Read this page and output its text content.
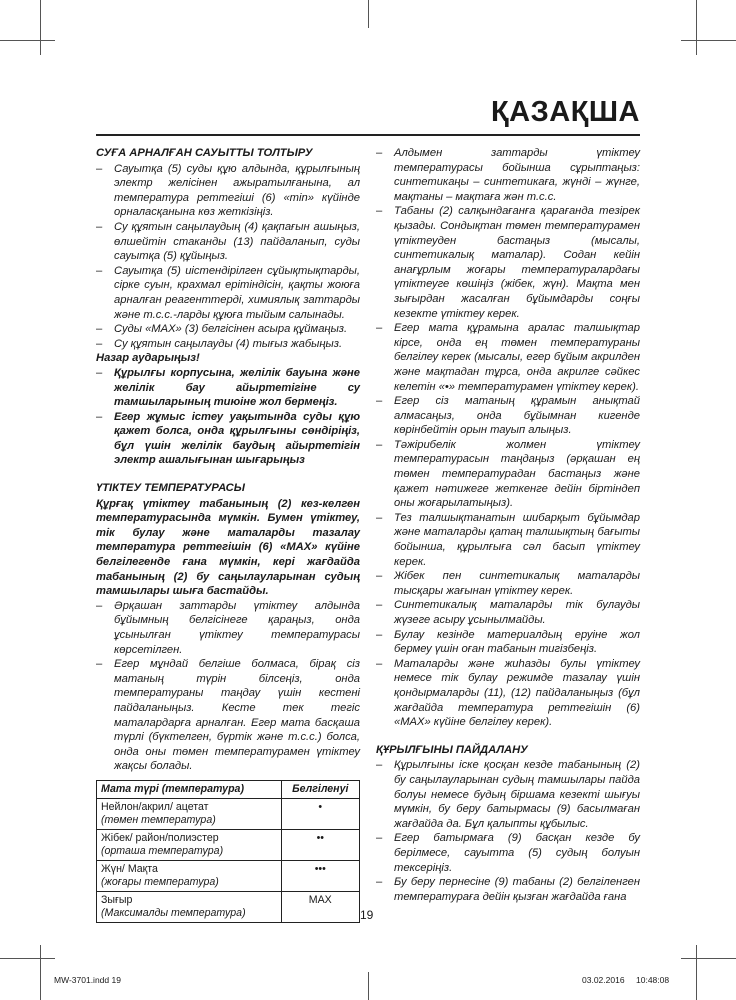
ҚАЗАҚША
СУҒА АРНАЛҒАН САУЫТТЫ ТОЛТЫРУ
– Сауытқа (5) суды құю алдында, құрылғының электр желісінен ажыратылғанына, ал температура реттегіші (6) «min» күйінде орналасқанына көз жеткізіңіз.
– Су құятын саңылаудың (4) қақпағын ашыңыз, өлшейтін стаканды (13) пайдаланып, суды сауытқа (5) құйыңыз.
– Сауытқа (5) иістендірілген сұйықтықтарды, сірке суын, крахмал ерітіндісін, қақты жоюға арналған реагенттерді, химиялық заттарды және т.с.с.-ларды құюға тыйым салынады.
– Суды «MAX» (3) белгісінен асыра құймаңыз.
– Су құятын саңылауды (4) тығыз жабыңыз.
Назар аударыңыз!
– Құрылғы корпусына, желілік бауына және желілік бау айыртетігіне су тамшыларының тиюіне жол бермеңіз.
– Егер жұмыс істеу уақытында суды құю қажет болса, онда құрылғыны сөндіріңіз, бұл үшін желілік баудың айыртетігін электр ашалығынан шығарыңыз
ҮТІКТЕУ ТЕМПЕРАТУРАСЫ
Құрғақ үтіктеу табанының (2) кез-келген температурасында мүмкін. Бумен үтіктеу, тік булау және маталарды тазалау температура реттегішін (6) «MAX» күйіне белгілегенде ғана мүмкін, кері жағдайда табанының (2) бу саңылауларынан судың тамшылары шыға бастайды.
– Әрқашан заттарды үтіктеу алдында бұйымның белгісінеге қараңыз, онда ұсынылған үтіктеу температурасы көрсетілген.
– Егер мұндай белгіше болмаса, бірақ сіз матаның түрін білсеңіз, онда температураны таңдау үшін кестені пайдаланыңыз. Кесте тек тегіс маталардарға арналған. Егер мата басқаша түрлі (бүктелген, бүртік және т.с.с.) болса, онда оны төмен температурамен үтіктеу жақсы болады.
Мата түрі (температура)	Белгіленуі
Нейлон/акрил/ ацетат
(төмен температура)	•
Жібек/ район/полиэстер
(орташа температура)	••
Жүн/ Мақта
(жоғары температура)	•••
Зығыр
(Максималды температура)	MAX
– Алдымен заттарды үтіктеу температурасы бойынша сұрыптаңыз: синтетикаңы – синтетикаға, жүнді – жүнге, мақтаны – мақтаға жəн т.с.с.
– Табаны (2) салқындағанға қарағанда тезірек қызады. Сондықтан төмен температурамен үтіктеуден бастаңыз (мысалы, синтетикалық маталар). Содан кейін анағұрлым жоғары температуралардағы үтіктеуге көшіңіз (жібек, жүн). Мақта мен зығырдан жасалған бұйымдарды соңғы кезекте үтіктеу керек.
– Егер мата құрамына аралас талшықтар кірсе, онда ең төмен температураны белгілеу керек (мысалы, егер бұйым акрилден және мақтадан тұрса, онда акрилге сəйкес келетін «•» температурамен үтіктеу керек).
– Егер сіз матаның құрамын анықтай алмасаңыз, онда бұйымнан кигенде көрінбейтін орын тауып алыңыз.
– Тəжірибелік жолмен үтіктеу температурасын таңдаңыз (əрқашан ең төмен температурадан бастаңыз және қажет нəтижеге жеткенге дейін біртіндеп оны жоғарылатыңыз).
– Тез талшықтанатын шибарқыт бұйымдар және маталарды қатаң талшықтың бағыты бойынша, құрылғыға сəл басып үтіктеу керек.
– Жібек пен синтетикалық маталарды тысқары жағынан үтіктеу керек.
– Синтетикалық маталарды тік булауды жүзеге асыру ұсынылмайды.
– Булау кезінде материалдың еруіне жол бермеу үшін оған табанын тигізбеңіз.
– Маталарды және жиһазды булы үтіктеу немесе тік булау режимде тазалау үшін қондырмаларды (11), (12) пайдаланыңыз (бұл жағдайда температура реттегішін (6) «MAX» күйіне белгілеу керек).
ҚҰРЫЛҒЫНЫ ПАЙДАЛАНУ
– Құрылғыны іске қосқан кезде табанының (2) бу саңылауларынан судың тамшылары пайда болуы немесе будың біршама кезекті шығуы мүмкін, бу беру батырмасы (9) басылмаған жағдайда да. Бұл қалыпты құбылыс.
– Егер батырмаға (9) басқан кезде бу берілмесе, сауытта (5) судың болуын тексеріңіз.
– Бу беру пернесіне (9) табаны (2) белгіленген температураға дейін қызған жағдайда ғана
19
MW-3701.indd 19	03.02.2016 10:48:08
